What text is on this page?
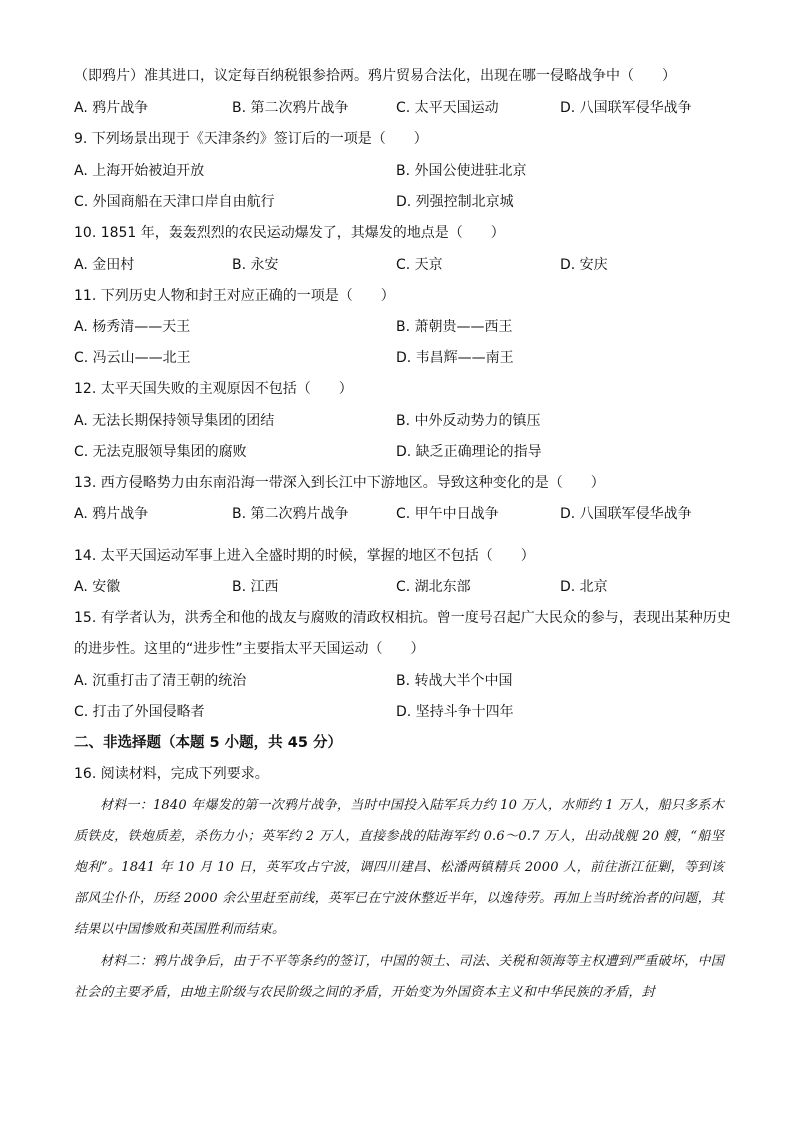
（即鸦片）准其进口，议定每百纳税银参拾两。鸦片贸易合法化，出现在哪一侵略战争中（　　）
A. 鸦片战争	B. 第二次鸦片战争	C. 太平天国运动	D. 八国联军侵华战争
9. 下列场景出现于《天津条约》签订后的一项是（　　）
A. 上海开始被迫开放	B. 外国公使进驻北京
C. 外国商船在天津口岸自由航行	D. 列强控制北京城
10. 1851 年，轰轰烈烈的农民运动爆发了，其爆发的地点是（　　）
A. 金田村	B. 永安	C. 天京	D. 安庆
11. 下列历史人物和封王对应正确的一项是（　　）
A. 杨秀清——天王	B. 萧朝贵——西王
C. 冯云山——北王	D. 韦昌辉——南王
12. 太平天国失败的主观原因不包括（　　）
A. 无法长期保持领导集团的团结	B. 中外反动势力的镇压
C. 无法克服领导集团的腐败	D. 缺乏正确理论的指导
13. 西方侵略势力由东南沿海一带深入到长江中下游地区。导致这种变化的是（　　）
A. 鸦片战争	B. 第二次鸦片战争	C. 甲午中日战争	D. 八国联军侵华战争
14. 太平天国运动军事上进入全盛时期的时候，掌握的地区不包括（　　）
A. 安徽	B. 江西	C. 湖北东部	D. 北京
15. 有学者认为，洪秀全和他的战友与腐败的清政权相抗。曾一度号召起广大民众的参与，表现出某种历史
的进步性。这里的“进步性”主要指太平天国运动（　　）
A. 沉重打击了清王朝的统治	B. 转战大半个中国
C. 打击了外国侵略者	D. 坚持斗争十四年
二、非选择题（本题 5 小题，共 45 分）
16. 阅读材料，完成下列要求。
材料一：1840 年爆发的第一次鸦片战争，当时中国投入陆军兵力约 10 万人，水师约 1 万人，船只多系木质铁皮，铁炮质差，杀伤力小；英军约 2 万人，直接参战的陆海军约 0.6～0.7 万人，出动战舰 20 艘，“船坚炮利”。1841 年 10 月 10 日，英军攻占宁波，调四川建昌、松潘两镇精兵 2000 人，前往浙江征剿，等到该部风尘仆仆，历经 2000 余公里赶至前线，英军已在宁波休整近半年，以逸待劳。再加上当时统治者的问题，其结果以中国惨败和英国胜利而结束。
材料二：鸦片战争后，由于不平等条约的签订，中国的领土、司法、关税和领海等主权遭到严重破坏，中国社会的主要矛盾，由地主阶级与农民阶级之间的矛盾，开始变为外国资本主义和中华民族的矛盾，封
